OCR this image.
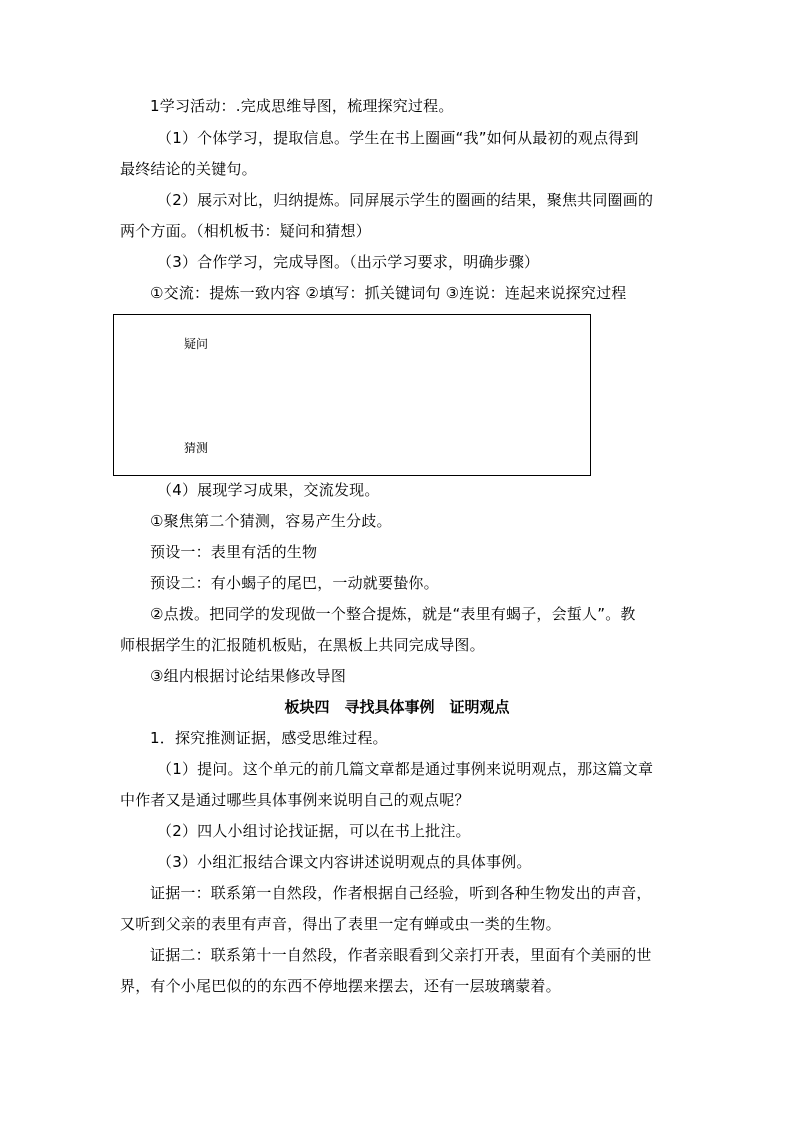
1学习活动：.完成思维导图，梳理探究过程。
（1）个体学习，提取信息。学生在书上圈画“我”如何从最初的观点得到
最终结论的关键句。
（2）展示对比，归纳提炼。同屏展示学生的圈画的结果，聚焦共同圈画的
两个方面。（相机板书：疑问和猜想）
（3）合作学习，完成导图。（出示学习要求，明确步骤）
①交流：提炼一致内容 ②填写：抓关键词句 ③连说：连起来说探究过程
疑问
猜测
（4）展现学习成果，交流发现。
①聚焦第二个猜测，容易产生分歧。
预设一：表里有活的生物
预设二：有小蝎子的尾巴，一动就要蛰你。
②点拨。把同学的发现做一个整合提炼，就是“表里有蝎子，会蜇人”。教
师根据学生的汇报随机板贴，在黑板上共同完成导图。
③组内根据讨论结果修改导图
板块四　寻找具体事例　证明观点
1．探究推测证据，感受思维过程。
（1）提问。这个单元的前几篇文章都是通过事例来说明观点，那这篇文章
中作者又是通过哪些具体事例来说明自己的观点呢？
（2）四人小组讨论找证据，可以在书上批注。
（3）小组汇报结合课文内容讲述说明观点的具体事例。
证据一：联系第一自然段，作者根据自己经验，听到各种生物发出的声音，
又听到父亲的表里有声音，得出了表里一定有蝉或虫一类的生物。
证据二：联系第十一自然段，作者亲眼看到父亲打开表，里面有个美丽的世
界，有个小尾巴似的的东西不停地摆来摆去，还有一层玻璃蒙着。
